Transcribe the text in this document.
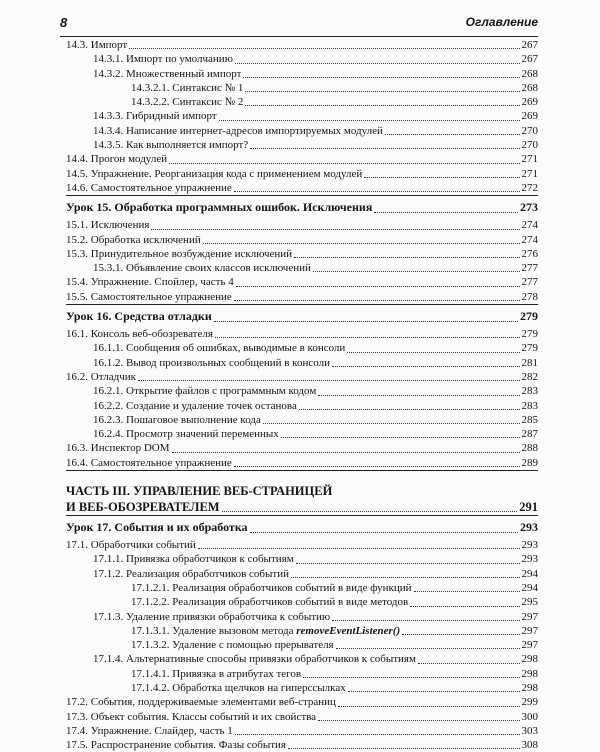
8	Оглавление
14.3. Импорт	267
14.3.1. Импорт по умолчанию	267
14.3.2. Множественный импорт	268
14.3.2.1. Синтаксис № 1	268
14.3.2.2. Синтаксис № 2	269
14.3.3. Гибридный импорт	269
14.3.4. Написание интернет-адресов импортируемых модулей	270
14.3.5. Как выполняется импорт?	270
14.4. Прогон модулей	271
14.5. Упражнение. Реорганизация кода с применением модулей	271
14.6. Самостоятельное упражнение	272
Урок 15. Обработка программных ошибок. Исключения	273
15.1. Исключения	274
15.2. Обработка исключений	274
15.3. Принудительное возбуждение исключений	276
15.3.1. Объявление своих классов исключений	277
15.4. Упражнение. Спойлер, часть 4	277
15.5. Самостоятельное упражнение	278
Урок 16. Средства отладки	279
16.1. Консоль веб-обозревателя	279
16.1.1. Сообщения об ошибках, выводимые в консоли	279
16.1.2. Вывод произвольных сообщений в консоли	281
16.2. Отладчик	282
16.2.1. Открытие файлов с программным кодом	283
16.2.2. Создание и удаление точек останова	283
16.2.3. Пошаговое выполнение кода	285
16.2.4. Просмотр значений переменных	287
16.3. Инспектор DOM	288
16.4. Самостоятельное упражнение	289
ЧАСТЬ III. УПРАВЛЕНИЕ ВЕБ-СТРАНИЦЕЙ
И ВЕБ-ОБОЗРЕВАТЕЛЕМ	291
Урок 17. События и их обработка	293
17.1. Обработчики событий	293
17.1.1. Привязка обработчиков к событиям	293
17.1.2. Реализация обработчиков событий	294
17.1.2.1. Реализация обработчиков событий в виде функций	294
17.1.2.2. Реализация обработчиков событий в виде методов	295
17.1.3. Удаление привязки обработчика к событию	297
17.1.3.1. Удаление вызовом метода removeEventListener()	297
17.1.3.2. Удаление с помощью прерывателя	297
17.1.4. Альтернативные способы привязки обработчиков к событиям	298
17.1.4.1. Привязка в атрибутах тегов	298
17.1.4.2. Обработка щелчков на гиперссылках	298
17.2. События, поддерживаемые элементами веб-страниц	299
17.3. Объект события. Классы событий и их свойства	300
17.4. Упражнение. Слайдер, часть 1	303
17.5. Распространение события. Фазы события	308
